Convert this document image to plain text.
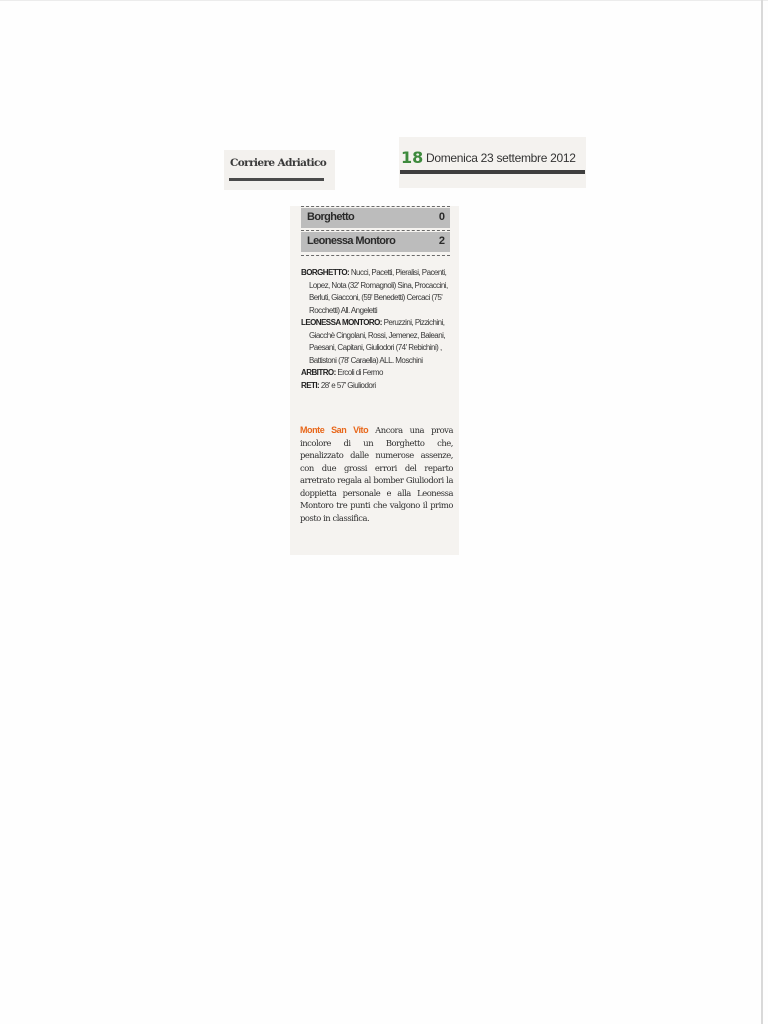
Corriere Adriatico	18 Domenica 23 settembre 2012
Borghetto	0
Leonessa Montoro	2

BORGHETTO: Nucci, Pacetti, Pieralisi, Pacenti, Lopez, Nota (32' Romagnoli) Sina, Procaccini, Berluti, Giacconi, (59' Benedetti) Cercaci (75' Rocchetti) All. Angeletti

LEONESSA MONTORO: Peruzzini, Pizzichini, Giacchè Cingolani, Rossi, Jemenez, Baleani, Paesani, Capitani, Giuliodori (74' Rebichini) , Battistoni (78' Caraella) ALL. Moschini

ARBITRO: Ercoli di Fermo

RETI: 28' e 57' Giuliodori

Monte San Vito Ancora una prova incolore di un Borghetto che, penalizzato dalle numerose assenze, con due grossi errori del reparto arretrato regala al bomber Giuliodori la doppietta personale e alla Leonessa Montoro tre punti che valgono il primo posto in classifica.
